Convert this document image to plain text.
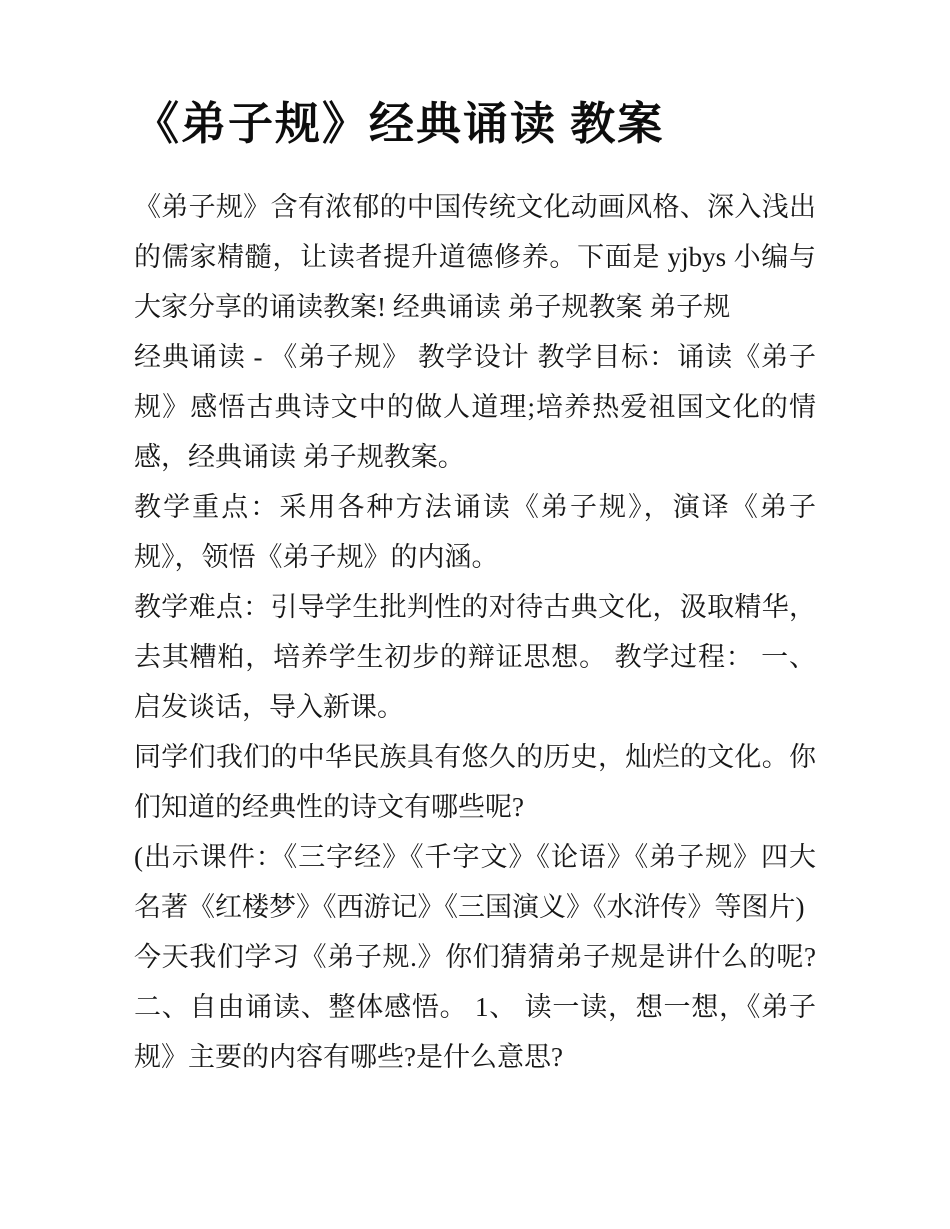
《弟子规》经典诵读 教案

《弟子规》含有浓郁的中国传统文化动画风格、深入浅出的儒家精髓，让读者提升道德修养。下面是 yjbys 小编与大家分享的诵读教案! 经典诵读 弟子规教案 弟子规

经典诵读 - 《弟子规》 教学设计 教学目标：诵读《弟子规》感悟古典诗文中的做人道理;培养热爱祖国文化的情感，经典诵读 弟子规教案。

教学重点：采用各种方法诵读《弟子规》，演译《弟子规》，领悟《弟子规》的内涵。

教学难点：引导学生批判性的对待古典文化，汲取精华，去其糟粕，培养学生初步的辩证思想。 教学过程： 一、 启发谈话，导入新课。

同学们我们的中华民族具有悠久的历史，灿烂的文化。你们知道的经典性的诗文有哪些呢?

(出示课件：《三字经》《千字文》《论语》《弟子规》四大名著《红楼梦》《西游记》《三国演义》《水浒传》等图片)

今天我们学习《弟子规.》你们猜猜弟子规是讲什么的呢? 二、自由诵读、整体感悟。 1、 读一读，想一想，《弟子规》主要的内容有哪些?是什么意思?
